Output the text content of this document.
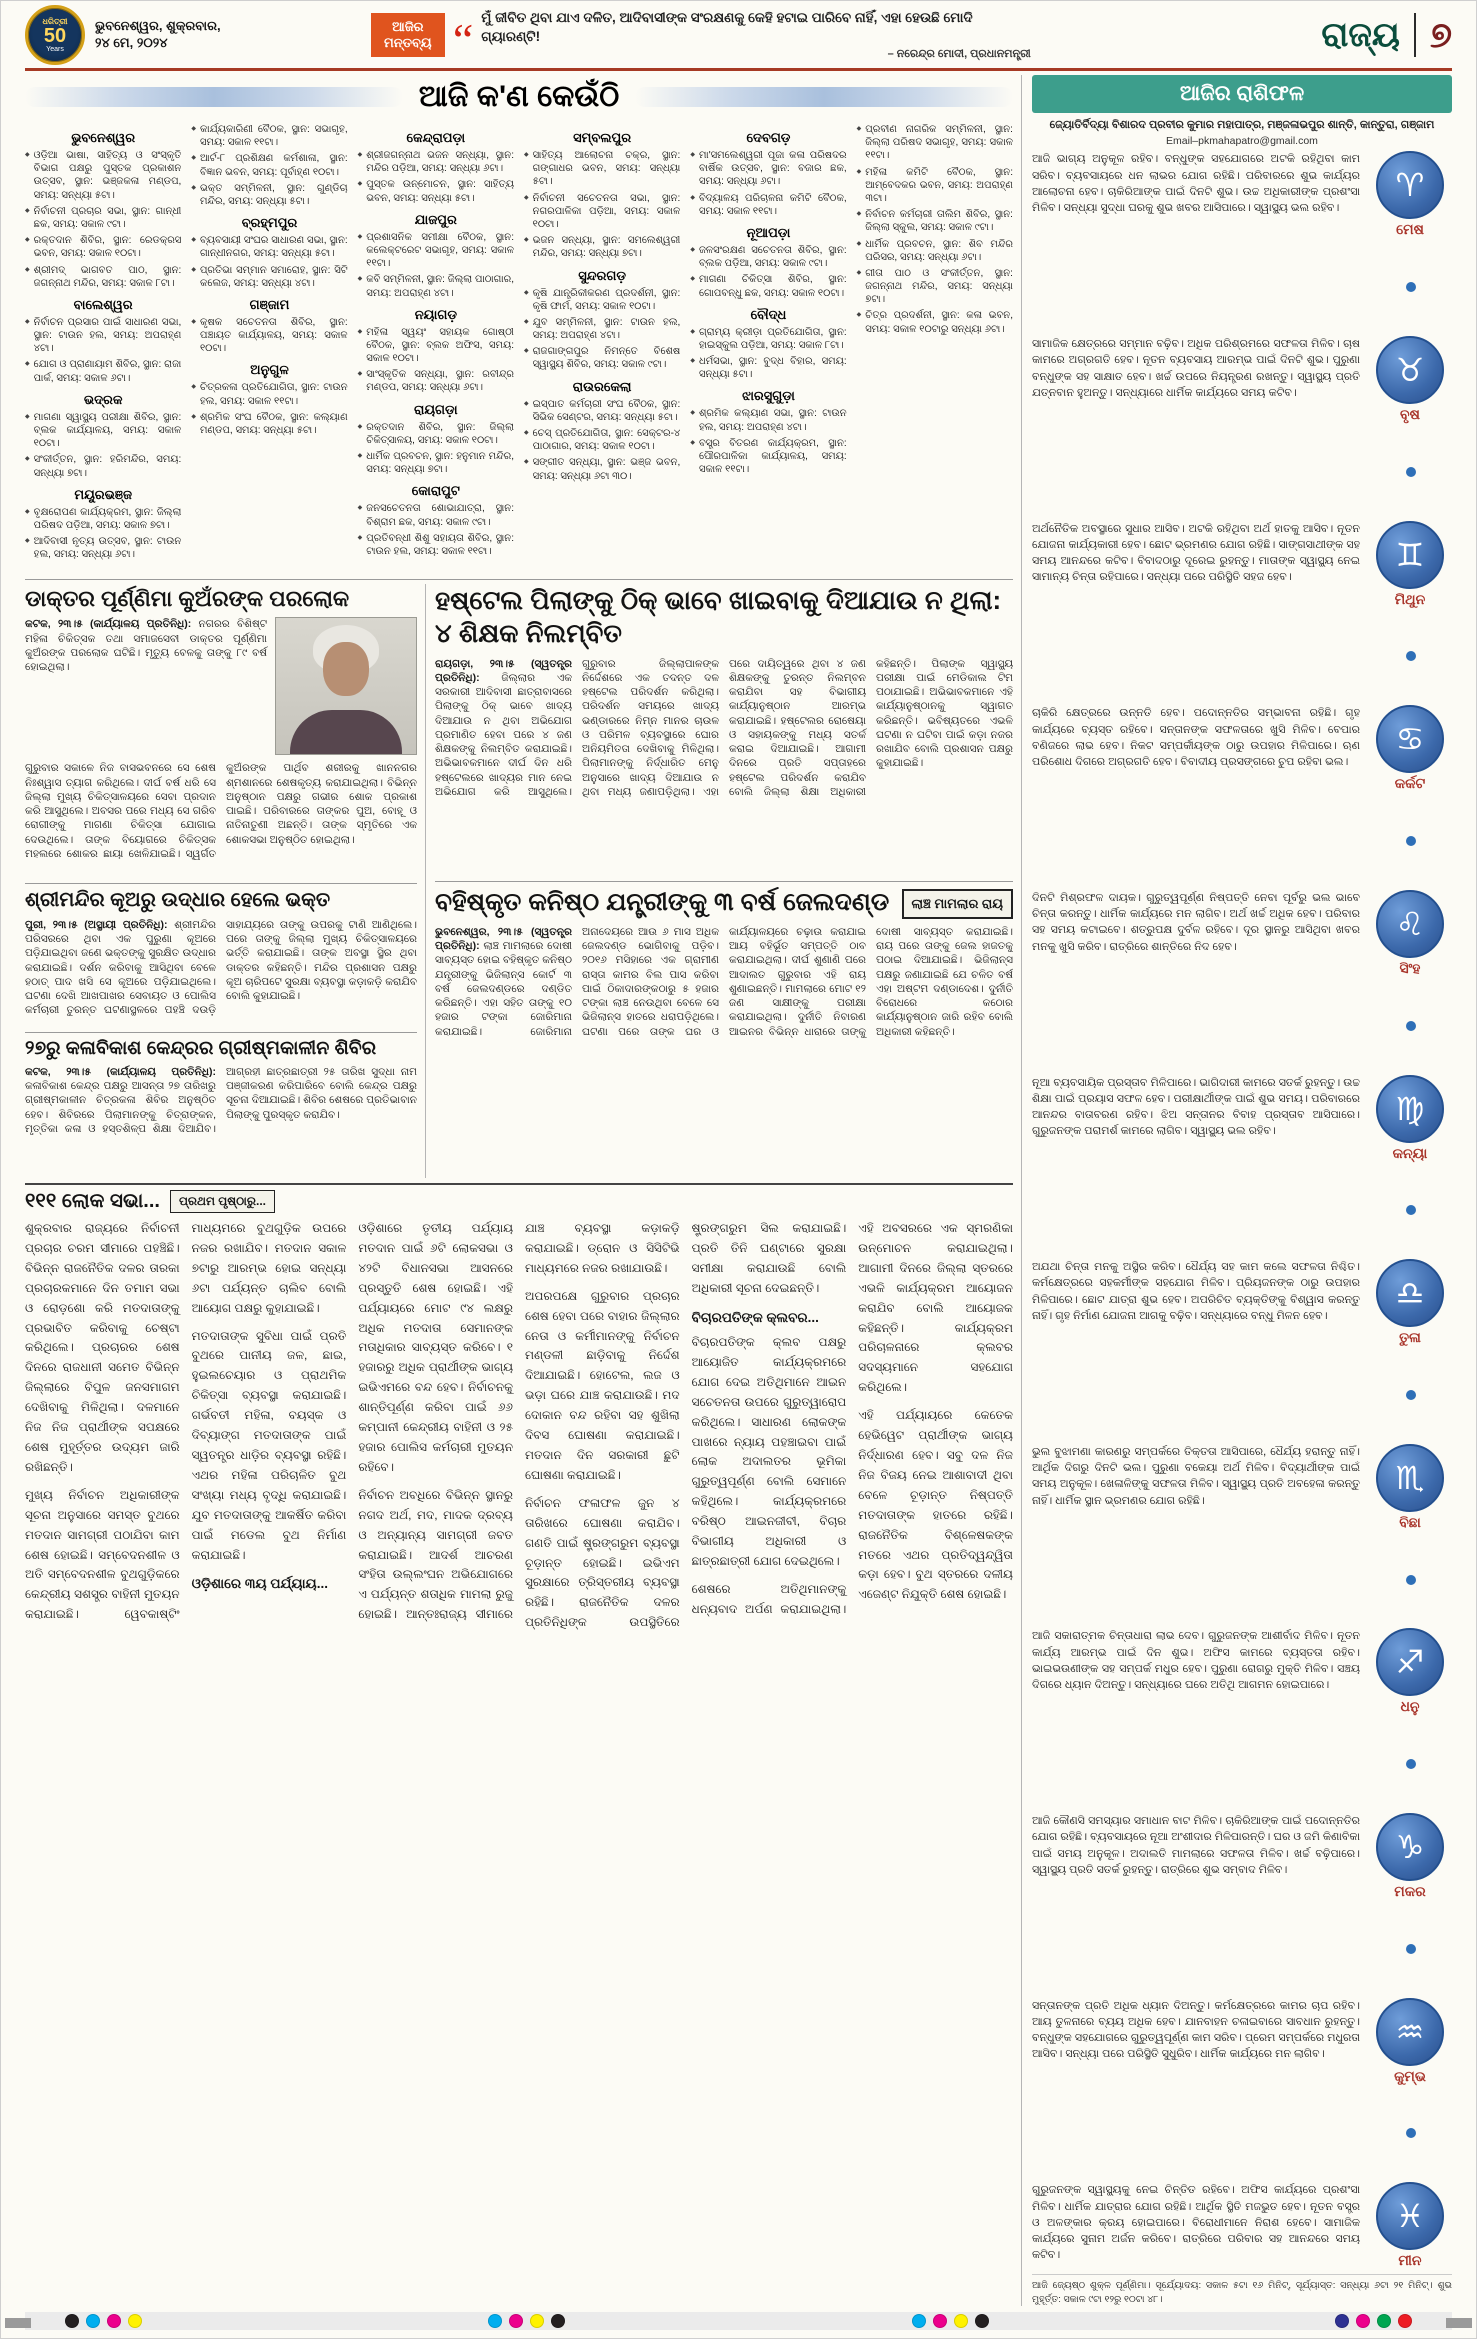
ଧରିତ୍ରୀ
50
Years
ଭୁବନେଶ୍ୱର, ଶୁକ୍ରବାର,
୨୪ ମେ, ୨୦୨୪
ଆଜିର ମନ୍ତବ୍ୟ “ ମୁଁ ଜୀବିତ ଥିବା ଯାଏ ଦଳିତ, ଆଦିବାସୀଙ୍କ ସଂରକ୍ଷଣକୁ କେହି ହଟାଇ ପାରିବେ ନାହିଁ, ଏହା ହେଉଛି ମୋଦି ଗ୍ୟାରଣ୍ଟି!
– ନରେନ୍ଦ୍ର ମୋଦୀ, ପ୍ରଧାନମନ୍ତ୍ରୀ
ରାଜ୍ୟ ୭
ଆଜି କ'ଣ କେଉଁଠି
ଭୁବନେଶ୍ୱର
◆ ଓଡ଼ିଆ ଭାଷା, ସାହିତ୍ୟ ଓ ସଂସ୍କୃତି ବିଭାଗ ପକ୍ଷରୁ ପୁସ୍ତକ ପ୍ରକାଶନ ଉତ୍ସବ, ସ୍ଥାନ: ଭଞ୍ଜକଳା ମଣ୍ଡପ, ସମୟ: ସନ୍ଧ୍ୟା ୫ଟା।
◆ ନିର୍ବାଚନୀ ପ୍ରଚାର ସଭା, ସ୍ଥାନ: ଗାନ୍ଧୀ ଛକ, ସମୟ: ସକାଳ ୯ଟା।
◆ ରକ୍ତଦାନ ଶିବିର, ସ୍ଥାନ: ରେଡକ୍ରସ ଭବନ, ସମୟ: ସକାଳ ୧୦ଟା।
◆ ଶ୍ରୀମଦ୍ ଭାଗବତ ପାଠ, ସ୍ଥାନ: ଜଗନ୍ନାଥ ମନ୍ଦିର, ସମୟ: ସକାଳ ୮ଟା।
ବାଲେଶ୍ୱର
◆ ନିର୍ବାଚନ ପ୍ରସାର ପାଇଁ ସାଧାରଣ ସଭା, ସ୍ଥାନ: ଟାଉନ ହଲ, ସମୟ: ଅପରାହ୍ଣ ୪ଟା।
◆ ଯୋଗ ଓ ପ୍ରାଣାୟାମ ଶିବିର, ସ୍ଥାନ: ରାଜା ପାର୍କ, ସମୟ: ସକାଳ ୬ଟା।
ଭଦ୍ରକ
◆ ମାଗଣା ସ୍ୱାସ୍ଥ୍ୟ ପରୀକ୍ଷା ଶିବିର, ସ୍ଥାନ: ବ୍ଲକ କାର୍ଯ୍ୟାଳୟ, ସମୟ: ସକାଳ ୧୦ଟା।
◆ ସଂକୀର୍ତ୍ତନ, ସ୍ଥାନ: ହରିମନ୍ଦିର, ସମୟ: ସନ୍ଧ୍ୟା ୭ଟା।
ମୟୂରଭଞ୍ଜ
◆ ବୃକ୍ଷରୋପଣ କାର୍ଯ୍ୟକ୍ରମ, ସ୍ଥାନ: ଜିଲ୍ଲା ପରିଷଦ ପଡ଼ିଆ, ସମୟ: ସକାଳ ୭ଟା।
◆ ଆଦିବାସୀ ନୃତ୍ୟ ଉତ୍ସବ, ସ୍ଥାନ: ଟାଉନ ହଲ, ସମୟ: ସନ୍ଧ୍ୟା ୬ଟା।
◆ କାର୍ଯ୍ୟକାରିଣୀ ବୈଠକ, ସ୍ଥାନ: ସଭାଗୃହ, ସମୟ: ସକାଳ ୧୧ଟା।
◆ ଆର୍ଟ-୮ ପ୍ରଶିକ୍ଷଣ କର୍ମଶାଳା, ସ୍ଥାନ: ବିଜ୍ଞାନ ଭବନ, ସମୟ: ପୂର୍ବାହ୍ଣ ୧୦ଟା।
◆ ଭକ୍ତ ସମ୍ମିଳନୀ, ସ୍ଥାନ: ଗୁଣ୍ଡିଚା ମନ୍ଦିର, ସମୟ: ସନ୍ଧ୍ୟା ୫ଟା।
ବ୍ରହ୍ମପୁର
◆ ବ୍ୟବସାୟୀ ସଂଘର ସାଧାରଣ ସଭା, ସ୍ଥାନ: ଗାନ୍ଧୀନଗର, ସମୟ: ସନ୍ଧ୍ୟା ୫ଟା।
◆ ପ୍ରତିଭା ସମ୍ମାନ ସମାରୋହ, ସ୍ଥାନ: ସିଟି କଲେଜ, ସମୟ: ସନ୍ଧ୍ୟା ୪ଟା।
ଗଞ୍ଜାମ
◆ କୃଷକ ସଚେତନତା ଶିବିର, ସ୍ଥାନ: ପଞ୍ଚାୟତ କାର୍ଯ୍ୟାଳୟ, ସମୟ: ସକାଳ ୧୦ଟା।
ଅନୁଗୁଳ
◆ ଚିତ୍ରକଳା ପ୍ରତିଯୋଗିତା, ସ୍ଥାନ: ଟାଉନ ହଲ, ସମୟ: ସକାଳ ୧୧ଟା।
◆ ଶ୍ରମିକ ସଂଘ ବୈଠକ, ସ୍ଥାନ: କଲ୍ୟାଣ ମଣ୍ଡପ, ସମୟ: ସନ୍ଧ୍ୟା ୫ଟା।
କେନ୍ଦ୍ରାପଡ଼ା
◆ ଶ୍ରୀଜଗନ୍ନାଥ ଭଜନ ସନ୍ଧ୍ୟା, ସ୍ଥାନ: ମନ୍ଦିର ପଡ଼ିଆ, ସମୟ: ସନ୍ଧ୍ୟା ୬ଟା।
◆ ପୁସ୍ତକ ଉନ୍ମୋଚନ, ସ୍ଥାନ: ସାହିତ୍ୟ ଭବନ, ସମୟ: ସନ୍ଧ୍ୟା ୫ଟା।
ଯାଜପୁର
◆ ପ୍ରଶାସନିକ ସମୀକ୍ଷା ବୈଠକ, ସ୍ଥାନ: କଲେକ୍ଟରେଟ ସଭାଗୃହ, ସମୟ: ସକାଳ ୧୧ଟା।
◆ କବି ସମ୍ମିଳନୀ, ସ୍ଥାନ: ଜିଲ୍ଲା ପାଠାଗାର, ସମୟ: ଅପରାହ୍ଣ ୪ଟା।
ନୟାଗଡ଼
◆ ମହିଳା ସ୍ୱୟଂ ସହାୟକ ଗୋଷ୍ଠୀ ବୈଠକ, ସ୍ଥାନ: ବ୍ଲକ ଅଫିସ, ସମୟ: ସକାଳ ୧୦ଟା।
◆ ସାଂସ୍କୃତିକ ସନ୍ଧ୍ୟା, ସ୍ଥାନ: ରବୀନ୍ଦ୍ର ମଣ୍ଡପ, ସମୟ: ସନ୍ଧ୍ୟା ୬ଟା।
ରାୟଗଡ଼ା
◆ ରକ୍ତଦାନ ଶିବିର, ସ୍ଥାନ: ଜିଲ୍ଲା ଚିକିତ୍ସାଳୟ, ସମୟ: ସକାଳ ୧୦ଟା।
◆ ଧାର୍ମିକ ପ୍ରବଚନ, ସ୍ଥାନ: ହନୁମାନ ମନ୍ଦିର, ସମୟ: ସନ୍ଧ୍ୟା ୭ଟା।
କୋରାପୁଟ
◆ ଜନସଚେତନତା ଶୋଭାଯାତ୍ରା, ସ୍ଥାନ: ବିଶ୍ରାମ ଛକ, ସମୟ: ସକାଳ ୯ଟା।
◆ ପ୍ରତିବନ୍ଧୀ ଶିଶୁ ସହାୟତା ଶିବିର, ସ୍ଥାନ: ଟାଉନ ହଲ, ସମୟ: ସକାଳ ୧୧ଟା।
ସମ୍ବଲପୁର
◆ ସାହିତ୍ୟ ଆଲୋଚନା ଚକ୍ର, ସ୍ଥାନ: ଗଙ୍ଗାଧର ଭବନ, ସମୟ: ସନ୍ଧ୍ୟା ୫ଟା।
◆ ନିର୍ବାଚନୀ ସଚେତନତା ସଭା, ସ୍ଥାନ: ନଗରପାଳିକା ପଡ଼ିଆ, ସମୟ: ସକାଳ ୧୦ଟା।
◆ ଭଜନ ସନ୍ଧ୍ୟା, ସ୍ଥାନ: ସମଲେଶ୍ୱରୀ ମନ୍ଦିର, ସମୟ: ସନ୍ଧ୍ୟା ୭ଟା।
ସୁନ୍ଦରଗଡ଼
◆ କୃଷି ଯାନ୍ତ୍ରିକୀକରଣ ପ୍ରଦର୍ଶନୀ, ସ୍ଥାନ: କୃଷି ଫାର୍ମ, ସମୟ: ସକାଳ ୧୦ଟା।
◆ ଯୁବ ସମ୍ମିଳନୀ, ସ୍ଥାନ: ଟାଉନ ହଲ, ସମୟ: ଅପରାହ୍ଣ ୪ଟା।
◆ ରାଜଗାଙ୍ଗପୁର ନିମନ୍ତେ ବିଶେଷ ସ୍ୱାସ୍ଥ୍ୟ ଶିବିର, ସମୟ: ସକାଳ ୯ଟା।
ରାଉରକେଲା
◆ ଇସ୍ପାତ କର୍ମଚାରୀ ସଂଘ ବୈଠକ, ସ୍ଥାନ: ସିଭିକ ସେଣ୍ଟର, ସମୟ: ସନ୍ଧ୍ୟା ୫ଟା।
◆ ଚେସ୍ ପ୍ରତିଯୋଗିତା, ସ୍ଥାନ: ସେକ୍ଟର-୪ ପାଠାଗାର, ସମୟ: ସକାଳ ୧୦ଟା।
◆ ସଙ୍ଗୀତ ସନ୍ଧ୍ୟା, ସ୍ଥାନ: ଭଞ୍ଜ ଭବନ, ସମୟ: ସନ୍ଧ୍ୟା ୬ଟା ୩୦।
ଦେବଗଡ଼
◆ ମା'ସମଲେଶ୍ୱରୀ ପୂଜା କଳା ପରିଷଦର ବାର୍ଷିକ ଉତ୍ସବ, ସ୍ଥାନ: ବଜାର ଛକ, ସମୟ: ସନ୍ଧ୍ୟା ୬ଟା।
◆ ବିଦ୍ୟାଳୟ ପରିଚାଳନା କମିଟି ବୈଠକ, ସମୟ: ସକାଳ ୧୧ଟା।
ନୂଆପଡ଼ା
◆ ଜଳସଂରକ୍ଷଣ ସଚେତନତା ଶିବିର, ସ୍ଥାନ: ବ୍ଲକ ପଡ଼ିଆ, ସମୟ: ସକାଳ ୯ଟା।
◆ ମାଗଣା ଚିକିତ୍ସା ଶିବିର, ସ୍ଥାନ: ଗୋପବନ୍ଧୁ ଛକ, ସମୟ: ସକାଳ ୧୦ଟା।
ବୌଦ୍ଧ
◆ ଗ୍ରାମ୍ୟ କ୍ରୀଡ଼ା ପ୍ରତିଯୋଗିତା, ସ୍ଥାନ: ହାଇସ୍କୁଲ ପଡ଼ିଆ, ସମୟ: ସକାଳ ୮ଟା।
◆ ଧର୍ମସଭା, ସ୍ଥାନ: ବୁଦ୍ଧ ବିହାର, ସମୟ: ସନ୍ଧ୍ୟା ୫ଟା।
ଝାରସୁଗୁଡ଼ା
◆ ଶ୍ରମିକ କଲ୍ୟାଣ ସଭା, ସ୍ଥାନ: ଟାଉନ ହଲ, ସମୟ: ଅପରାହ୍ଣ ୪ଟା।
◆ ବସ୍ତ୍ର ବିତରଣ କାର୍ଯ୍ୟକ୍ରମ, ସ୍ଥାନ: ପୌରପାଳିକା କାର୍ଯ୍ୟାଳୟ, ସମୟ: ସକାଳ ୧୧ଟା।
◆ ପ୍ରବୀଣ ନାଗରିକ ସମ୍ମିଳନୀ, ସ୍ଥାନ: ଜିଲ୍ଲା ପରିଷଦ ସଭାଗୃହ, ସମୟ: ସକାଳ ୧୧ଟା।
◆ ମହିଳା କମିଟି ବୈଠକ, ସ୍ଥାନ: ଆମ୍ବେଦକର ଭବନ, ସମୟ: ଅପରାହ୍ଣ ୩ଟା।
◆ ନିର୍ବାଚନ କର୍ମଚାରୀ ତାଲିମ ଶିବିର, ସ୍ଥାନ: ଜିଲ୍ଲା ସ୍କୁଲ, ସମୟ: ସକାଳ ୯ଟା।
◆ ଧାର୍ମିକ ପ୍ରବଚନ, ସ୍ଥାନ: ଶିବ ମନ୍ଦିର ପରିସର, ସମୟ: ସନ୍ଧ୍ୟା ୬ଟା।
◆ ଗୀତା ପାଠ ଓ ସଂକୀର୍ତ୍ତନ, ସ୍ଥାନ: ଜଗନ୍ନାଥ ମନ୍ଦିର, ସମୟ: ସନ୍ଧ୍ୟା ୭ଟା।
◆ ଚିତ୍ର ପ୍ରଦର୍ଶନୀ, ସ୍ଥାନ: କଳା ଭବନ, ସମୟ: ସକାଳ ୧୦ଟାରୁ ସନ୍ଧ୍ୟା ୬ଟା।
ଡାକ୍ତର ପୂର୍ଣ୍ଣିମା କୁଅଁରଙ୍କ ପରଲୋକ
କଟକ, ୨୩।୫ (କାର୍ଯ୍ୟାଳୟ ପ୍ରତିନିଧି): ନଗରର ବିଶିଷ୍ଟ ମହିଳା ଚିକିତ୍ସକ ତଥା ସମାଜସେବୀ ଡାକ୍ତର ପୂର୍ଣ୍ଣିମା କୁଅଁରଙ୍କ ପରଲୋକ ଘଟିଛି। ମୃତ୍ୟୁ ବେଳକୁ ତାଙ୍କୁ ୮୯ ବର୍ଷ ହୋଇଥିଲା।
ଗୁରୁବାର ସକାଳେ ନିଜ ବାସଭବନରେ ସେ ଶେଷ ନିଃଶ୍ୱାସ ତ୍ୟାଗ କରିଥିଲେ। ଦୀର୍ଘ ବର୍ଷ ଧରି ସେ ଜିଲ୍ଲା ମୁଖ୍ୟ ଚିକିତ୍ସାଳୟରେ ସେବା ପ୍ରଦାନ କରି ଆସୁଥିଲେ। ଅବସର ପରେ ମଧ୍ୟ ସେ ଗରିବ ରୋଗୀଙ୍କୁ ମାଗଣା ଚିକିତ୍ସା ଯୋଗାଇ ଦେଉଥିଲେ। ତାଙ୍କ ବିୟୋଗରେ ଚିକିତ୍ସକ ମହଲରେ ଶୋକର ଛାୟା ଖେଳିଯାଇଛି। ସ୍ୱର୍ଗତ କୁଅଁରଙ୍କ ପାର୍ଥିବ ଶରୀରକୁ ଖାନନଗର ଶ୍ମଶାନରେ ଶେଷକୃତ୍ୟ କରାଯାଇଥିଲା। ବିଭିନ୍ନ ଅନୁଷ୍ଠାନ ପକ୍ଷରୁ ଗଭୀର ଶୋକ ପ୍ରକାଶ ପାଇଛି। ପରିବାରରେ ତାଙ୍କର ପୁଅ, ବୋହୂ ଓ ନାତିନାତୁଣୀ ଅଛନ୍ତି। ତାଙ୍କ ସ୍ମୃତିରେ ଏକ ଶୋକସଭା ଅନୁଷ୍ଠିତ ହୋଇଥିଲା।
ଶ୍ରୀମନ୍ଦିର କୂଅରୁ ଉଦ୍ଧାର ହେଲେ ଭକ୍ତ
ପୁରୀ, ୨୩।୫ (ଅସ୍ଥାୟୀ ପ୍ରତିନିଧି): ଶ୍ରୀମନ୍ଦିର ପରିସରରେ ଥିବା ଏକ ପୁରୁଣା କୂଅରେ ପଡ଼ିଯାଇଥିବା ଜଣେ ଭକ୍ତଙ୍କୁ ସୁରକ୍ଷିତ ଉଦ୍ଧାର କରାଯାଇଛି। ଦର୍ଶନ କରିବାକୁ ଆସିଥିବା ବେଳେ ହଠାତ୍ ପାଦ ଖସି ସେ କୂଅରେ ପଡ଼ିଯାଇଥିଲେ। ଘଟଣା ଦେଖି ଆଖପାଖର ସେବାୟତ ଓ ପୋଲିସ କର୍ମଚାରୀ ତୁରନ୍ତ ଘଟଣାସ୍ଥଳରେ ପହଞ୍ଚି ଦଉଡ଼ି ସାହାଯ୍ୟରେ ତାଙ୍କୁ ଉପରକୁ ଟାଣି ଆଣିଥିଲେ। ପରେ ତାଙ୍କୁ ଜିଲ୍ଲା ମୁଖ୍ୟ ଚିକିତ୍ସାଳୟରେ ଭର୍ତ୍ତି କରାଯାଇଛି। ତାଙ୍କ ଅବସ୍ଥା ସ୍ଥିର ଥିବା ଡାକ୍ତର କହିଛନ୍ତି। ମନ୍ଦିର ପ୍ରଶାସନ ପକ୍ଷରୁ କୂଅ ଚାରିପଟେ ସୁରକ୍ଷା ବ୍ୟବସ୍ଥା କଡ଼ାକଡ଼ି କରାଯିବ ବୋଲି କୁହାଯାଇଛି।
୨୭ରୁ କଳାବିକାଶ କେନ୍ଦ୍ରର ଗ୍ରୀଷ୍ମକାଳୀନ ଶିବିର
କଟକ, ୨୩।୫ (କାର୍ଯ୍ୟାଳୟ ପ୍ରତିନିଧି): କଳାବିକାଶ କେନ୍ଦ୍ର ପକ୍ଷରୁ ଆସନ୍ତା ୨୭ ତାରିଖରୁ ଗ୍ରୀଷ୍ମକାଳୀନ ଚିତ୍ରକଳା ଶିବିର ଅନୁଷ୍ଠିତ ହେବ। ଶିବିରରେ ପିଲାମାନଙ୍କୁ ଚିତ୍ରାଙ୍କନ, ମୃତ୍ତିକା କଳା ଓ ହସ୍ତଶିଳ୍ପ ଶିକ୍ଷା ଦିଆଯିବ। ଆଗ୍ରହୀ ଛାତ୍ରଛାତ୍ରୀ ୨୫ ତାରିଖ ସୁଦ୍ଧା ନାମ ପଞ୍ଜୀକରଣ କରିପାରିବେ ବୋଲି କେନ୍ଦ୍ର ପକ୍ଷରୁ ସୂଚନା ଦିଆଯାଇଛି। ଶିବିର ଶେଷରେ ପ୍ରତିଭାବାନ ପିଲାଙ୍କୁ ପୁରସ୍କୃତ କରାଯିବ।
ହଷ୍ଟେଲ ପିଲାଙ୍କୁ ଠିକ୍ ଭାବେ ଖାଇବାକୁ ଦିଆଯାଉ ନ ଥିଲା: ୪ ଶିକ୍ଷକ ନିଲମ୍ବିତ
ରାୟଗଡ଼ା, ୨୩।୫ (ସ୍ୱତନ୍ତ୍ର ପ୍ରତିନିଧି): ଜିଲ୍ଲାର ଏକ ସରକାରୀ ଆଦିବାସୀ ଛାତ୍ରାବାସରେ ପିଲାଙ୍କୁ ଠିକ୍ ଭାବେ ଖାଦ୍ୟ ଦିଆଯାଉ ନ ଥିବା ଅଭିଯୋଗ ପ୍ରମାଣିତ ହେବା ପରେ ୪ ଜଣ ଶିକ୍ଷକଙ୍କୁ ନିଲମ୍ବିତ କରାଯାଇଛି। ଅଭିଭାବକମାନେ ଦୀର୍ଘ ଦିନ ଧରି ହଷ୍ଟେଲରେ ଖାଦ୍ୟର ମାନ ନେଇ ଅଭିଯୋଗ କରି ଆସୁଥିଲେ। ଗୁରୁବାର ଜିଲ୍ଲାପାଳଙ୍କ ନିର୍ଦ୍ଦେଶରେ ଏକ ତଦନ୍ତ ଦଳ ହଷ୍ଟେଲ ପରିଦର୍ଶନ କରିଥିଲା। ପରିଦର୍ଶନ ସମୟରେ ଖାଦ୍ୟ ଭଣ୍ଡାରରେ ନିମ୍ନ ମାନର ଚାଉଳ ଓ ପରିମଳ ବ୍ୟବସ୍ଥାରେ ଘୋର ଅନିୟମିତତା ଦେଖିବାକୁ ମିଳିଥିଲା। ପିଲାମାନଙ୍କୁ ନିର୍ଦ୍ଧାରିତ ମେନୁ ଅନୁସାରେ ଖାଦ୍ୟ ଦିଆଯାଉ ନ ଥିବା ମଧ୍ୟ ଜଣାପଡ଼ିଥିଲା। ଏହା ପରେ ଦାୟିତ୍ୱରେ ଥିବା ୪ ଜଣ ଶିକ୍ଷକଙ୍କୁ ତୁରନ୍ତ ନିଲମ୍ବନ କରାଯିବା ସହ ବିଭାଗୀୟ କାର୍ଯ୍ୟାନୁଷ୍ଠାନ ଆରମ୍ଭ କରାଯାଇଛି। ହଷ୍ଟେଲର ରୋଷେୟା ଓ ସହାୟକଙ୍କୁ ମଧ୍ୟ ସତର୍କ କରାଇ ଦିଆଯାଇଛି। ଆଗାମୀ ଦିନରେ ପ୍ରତି ସପ୍ତାହରେ ହଷ୍ଟେଲ ପରିଦର୍ଶନ କରାଯିବ ବୋଲି ଜିଲ୍ଲା ଶିକ୍ଷା ଅଧିକାରୀ କହିଛନ୍ତି। ପିଲାଙ୍କ ସ୍ୱାସ୍ଥ୍ୟ ପରୀକ୍ଷା ପାଇଁ ମେଡିକାଲ ଟିମ ପଠାଯାଇଛି। ଅଭିଭାବକମାନେ ଏହି କାର୍ଯ୍ୟାନୁଷ୍ଠାନକୁ ସ୍ୱାଗତ କରିଛନ୍ତି। ଭବିଷ୍ୟତରେ ଏଭଳି ଘଟଣା ନ ଘଟିବା ପାଇଁ କଡ଼ା ନଜର ରଖାଯିବ ବୋଲି ପ୍ରଶାସନ ପକ୍ଷରୁ କୁହାଯାଇଛି।
ବହିଷ୍କୃତ କନିଷ୍ଠ ଯନ୍ତ୍ରୀଙ୍କୁ ୩ ବର୍ଷ ଜେଲଦଣ୍ଡ	ଲାଞ୍ଚ ମାମଲାର ରାୟ
ଭୁବନେଶ୍ୱର, ୨୩।୫ (ସ୍ୱତନ୍ତ୍ର ପ୍ରତିନିଧି): ଲାଞ୍ଚ ମାମଲାରେ ଦୋଷୀ ସାବ୍ୟସ୍ତ ହୋଇ ବହିଷ୍କୃତ କନିଷ୍ଠ ଯନ୍ତ୍ରୀଙ୍କୁ ଭିଜିଲାନ୍ସ କୋର୍ଟ ୩ ବର୍ଷ ଜେଲଦଣ୍ଡରେ ଦଣ୍ଡିତ କରିଛନ୍ତି। ଏହା ସହିତ ତାଙ୍କୁ ୧୦ ହଜାର ଟଙ୍କା ଜୋରିମାନା କରାଯାଇଛି। ଜୋରିମାନା ଅନାଦେୟରେ ଆଉ ୬ ମାସ ଅଧିକ ଜେଲଦଣ୍ଡ ଭୋଗିବାକୁ ପଡ଼ିବ। ୨୦୧୬ ମସିହାରେ ଏକ ଗ୍ରାମୀଣ ରାସ୍ତା କାମର ବିଲ ପାସ କରିବା ପାଇଁ ଠିକାଦାରଙ୍କଠାରୁ ୫ ହଜାର ଟଙ୍କା ଲାଞ୍ଚ ନେଉଥିବା ବେଳେ ସେ ଭିଜିଲାନ୍ସ ହାତରେ ଧରାପଡ଼ିଥିଲେ। ଘଟଣା ପରେ ତାଙ୍କ ଘର ଓ କାର୍ଯ୍ୟାଳୟରେ ଚଢ଼ାଉ କରାଯାଇ ଆୟ ବହିର୍ଭୂତ ସମ୍ପତ୍ତି ଠାବ କରାଯାଇଥିଲା। ଦୀର୍ଘ ଶୁଣାଣି ପରେ ଆଦାଲତ ଗୁରୁବାର ଏହି ରାୟ ଶୁଣାଇଛନ୍ତି। ମାମଲାରେ ମୋଟ ୧୨ ଜଣ ସାକ୍ଷୀଙ୍କୁ ପରୀକ୍ଷା କରାଯାଇଥିଲା। ଦୁର୍ନୀତି ନିବାରଣ ଆଇନର ବିଭିନ୍ନ ଧାରାରେ ତାଙ୍କୁ ଦୋଷୀ ସାବ୍ୟସ୍ତ କରାଯାଇଛି। ରାୟ ପରେ ତାଙ୍କୁ ଜେଲ ହାଜତକୁ ପଠାଇ ଦିଆଯାଇଛି। ଭିଜିଲାନ୍ସ ପକ୍ଷରୁ ଜଣାଯାଇଛି ଯେ ଚଳିତ ବର୍ଷ ଏହା ଅଷ୍ଟମ ଦଣ୍ଡାଦେଶ। ଦୁର୍ନୀତି ବିରୋଧରେ କଠୋର କାର୍ଯ୍ୟାନୁଷ୍ଠାନ ଜାରି ରହିବ ବୋଲି ଅଧିକାରୀ କହିଛନ୍ତି।
୧୧୧ ଲୋକ ସଭା...	ପ୍ରଥମ ପୃଷ୍ଠାରୁ...

ଶୁକ୍ରବାର ରାଜ୍ୟରେ ନିର୍ବାଚନୀ ପ୍ରଚାର ଚରମ ସୀମାରେ ପହଞ୍ଚିଛି। ବିଭିନ୍ନ ରାଜନୈତିକ ଦଳର ତାରକା ପ୍ରଚାରକମାନେ ଦିନ ତମାମ ସଭା ଓ ରୋଡ଼ଶୋ କରି ମତଦାତାଙ୍କୁ ପ୍ରଭାବିତ କରିବାକୁ ଚେଷ୍ଟା କରିଥିଲେ। ପ୍ରଚାରର ଶେଷ ଦିନରେ ରାଜଧାନୀ ସମେତ ବିଭିନ୍ନ ଜିଲ୍ଲାରେ ବିପୁଳ ଜନସମାଗମ ଦେଖିବାକୁ ମିଳିଥିଲା। ଦଳମାନେ ନିଜ ନିଜ ପ୍ରାର୍ଥୀଙ୍କ ସପକ୍ଷରେ ଶେଷ ମୁହୂର୍ତ୍ତର ଉଦ୍ୟମ ଜାରି ରଖିଛନ୍ତି।

ମୁଖ୍ୟ ନିର୍ବାଚନ ଅଧିକାରୀଙ୍କ ସୂଚନା ଅନୁସାରେ ସମସ୍ତ ବୁଥରେ ମତଦାନ ସାମଗ୍ରୀ ପଠାଯିବା କାମ ଶେଷ ହୋଇଛି। ସମ୍ବେଦନଶୀଳ ଓ ଅତି ସମ୍ବେଦନଶୀଳ ବୁଥଗୁଡ଼ିକରେ କେନ୍ଦ୍ରୀୟ ସଶସ୍ତ୍ର ବାହିନୀ ମୁତୟନ କରାଯାଇଛି। ୱେବକାଷ୍ଟିଂ ମାଧ୍ୟମରେ ବୁଥଗୁଡ଼ିକ ଉପରେ ନଜର ରଖାଯିବ। ମତଦାନ ସକାଳ ୭ଟାରୁ ଆରମ୍ଭ ହୋଇ ସନ୍ଧ୍ୟା ୬ଟା ପର୍ଯ୍ୟନ୍ତ ଚାଲିବ ବୋଲି ଆୟୋଗ ପକ୍ଷରୁ କୁହାଯାଇଛି।

ମତଦାତାଙ୍କ ସୁବିଧା ପାଇଁ ପ୍ରତି ବୁଥରେ ପାନୀୟ ଜଳ, ଛାଇ, ହୁଇଲଚେୟାର ଓ ପ୍ରାଥମିକ ଚିକିତ୍ସା ବ୍ୟବସ୍ଥା କରାଯାଇଛି। ଗର୍ଭବତୀ ମହିଳା, ବୟସ୍କ ଓ ଦିବ୍ୟାଙ୍ଗ ମତଦାତାଙ୍କ ପାଇଁ ସ୍ୱତନ୍ତ୍ର ଧାଡ଼ିର ବ୍ୟବସ୍ଥା ରହିଛି। ଏଥର ମହିଳା ପରିଚାଳିତ ବୁଥ ସଂଖ୍ୟା ମଧ୍ୟ ବୃଦ୍ଧି କରାଯାଇଛି। ଯୁବ ମତଦାତାଙ୍କୁ ଆକର୍ଷିତ କରିବା ପାଇଁ ମଡେଲ ବୁଥ ନିର୍ମାଣ କରାଯାଇଛି।

ଓଡ଼ିଶାରେ ୩ୟ ପର୍ଯ୍ୟାୟ...

ଓଡ଼ିଶାରେ ତୃତୀୟ ପର୍ଯ୍ୟାୟ ମତଦାନ ପାଇଁ ୬ଟି ଲୋକସଭା ଓ ୪୨ଟି ବିଧାନସଭା ଆସନରେ ପ୍ରସ୍ତୁତି ଶେଷ ହୋଇଛି। ଏହି ପର୍ଯ୍ୟାୟରେ ମୋଟ ୯୪ ଲକ୍ଷରୁ ଅଧିକ ମତଦାତା ସେମାନଙ୍କ ମତାଧିକାର ସାବ୍ୟସ୍ତ କରିବେ। ୧ ହଜାରରୁ ଅଧିକ ପ୍ରାର୍ଥୀଙ୍କ ଭାଗ୍ୟ ଇଭିଏମରେ ବନ୍ଦ ହେବ। ନିର୍ବାଚନକୁ ଶାନ୍ତିପୂର୍ଣ୍ଣ କରିବା ପାଇଁ ୬୬ କମ୍ପାନୀ କେନ୍ଦ୍ରୀୟ ବାହିନୀ ଓ ୨୫ ହଜାର ପୋଲିସ କର୍ମଚାରୀ ମୁତୟନ ରହିବେ।

ନିର୍ବାଚନ ଅବଧିରେ ବିଭିନ୍ନ ସ୍ଥାନରୁ ନଗଦ ଅର୍ଥ, ମଦ, ମାଦକ ଦ୍ରବ୍ୟ ଓ ଅନ୍ୟାନ୍ୟ ସାମଗ୍ରୀ ଜବତ କରାଯାଇଛି। ଆଦର୍ଶ ଆଚରଣ ସଂହିତା ଉଲ୍ଲଂଘନ ଅଭିଯୋଗରେ ଏ ପର୍ଯ୍ୟନ୍ତ ଶତାଧିକ ମାମଲା ରୁଜୁ ହୋଇଛି। ଆନ୍ତଃରାଜ୍ୟ ସୀମାରେ ଯାଞ୍ଚ ବ୍ୟବସ୍ଥା କଡ଼ାକଡ଼ି କରାଯାଇଛି। ଡ୍ରୋନ ଓ ସିସିଟିଭି ମାଧ୍ୟମରେ ନଜର ରଖାଯାଉଛି।

ଅପରପକ୍ଷେ ଗୁରୁବାର ପ୍ରଚାର ଶେଷ ହେବା ପରେ ବାହାର ଜିଲ୍ଲାର ନେତା ଓ କର୍ମୀମାନଙ୍କୁ ନିର୍ବାଚନ ମଣ୍ଡଳୀ ଛାଡ଼ିବାକୁ ନିର୍ଦ୍ଦେଶ ଦିଆଯାଇଛି। ହୋଟେଲ, ଲଜ ଓ ଭଡ଼ା ଘରେ ଯାଞ୍ଚ କରାଯାଉଛି। ମଦ ଦୋକାନ ବନ୍ଦ ରହିବା ସହ ଶୁଖିଲା ଦିବସ ଘୋଷଣା କରାଯାଇଛି। ମତଦାନ ଦିନ ସରକାରୀ ଛୁଟି ଘୋଷଣା କରାଯାଇଛି।

ନିର୍ବାଚନ ଫଳାଫଳ ଜୁନ ୪ ତାରିଖରେ ଘୋଷଣା କରାଯିବ। ଗଣତି ପାଇଁ ଷ୍ଟ୍ରଙ୍ଗରୁମ ବ୍ୟବସ୍ଥା ଚୂଡ଼ାନ୍ତ ହୋଇଛି। ଇଭିଏମ ସୁରକ୍ଷାରେ ତ୍ରିସ୍ତରୀୟ ବ୍ୟବସ୍ଥା ରହିଛି। ରାଜନୈତିକ ଦଳର ପ୍ରତିନିଧିଙ୍କ ଉପସ୍ଥିତିରେ ଷ୍ଟ୍ରଙ୍ଗରୁମ ସିଲ କରାଯାଇଛି। ପ୍ରତି ତିନି ଘଣ୍ଟାରେ ସୁରକ୍ଷା ସମୀକ୍ଷା କରାଯାଉଛି ବୋଲି ଅଧିକାରୀ ସୂଚନା ଦେଇଛନ୍ତି।

ବିଚାରପତିଙ୍କ କ୍ଲବର...

ବିଚାରପତିଙ୍କ କ୍ଲବ ପକ୍ଷରୁ ଆୟୋଜିତ କାର୍ଯ୍ୟକ୍ରମରେ ଯୋଗ ଦେଇ ଅତିଥିମାନେ ଆଇନ ସଚେତନତା ଉପରେ ଗୁରୁତ୍ୱାରୋପ କରିଥିଲେ। ସାଧାରଣ ଲୋକଙ୍କ ପାଖରେ ନ୍ୟାୟ ପହଞ୍ଚାଇବା ପାଇଁ ଲୋକ ଅଦାଲତର ଭୂମିକା ଗୁରୁତ୍ୱପୂର୍ଣ୍ଣ ବୋଲି ସେମାନେ କହିଥିଲେ। କାର୍ଯ୍ୟକ୍ରମରେ ବରିଷ୍ଠ ଆଇନଜୀବୀ, ବିଚାର ବିଭାଗୀୟ ଅଧିକାରୀ ଓ ଛାତ୍ରଛାତ୍ରୀ ଯୋଗ ଦେଇଥିଲେ।

ଶେଷରେ ଅତିଥିମାନଙ୍କୁ ଧନ୍ୟବାଦ ଅର୍ପଣ କରାଯାଇଥିଲା। ଏହି ଅବସରରେ ଏକ ସ୍ମରଣିକା ଉନ୍ମୋଚନ କରାଯାଇଥିଲା। ଆଗାମୀ ଦିନରେ ଜିଲ୍ଲା ସ୍ତରରେ ଏଭଳି କାର୍ଯ୍ୟକ୍ରମ ଆୟୋଜନ କରାଯିବ ବୋଲି ଆୟୋଜକ କହିଛନ୍ତି। କାର୍ଯ୍ୟକ୍ରମ ପରିଚାଳନାରେ କ୍ଲବର ସଦସ୍ୟମାନେ ସହଯୋଗ କରିଥିଲେ।

ଏହି ପର୍ଯ୍ୟାୟରେ କେତେକ ହେଭିୱେଟ ପ୍ରାର୍ଥୀଙ୍କ ଭାଗ୍ୟ ନିର୍ଦ୍ଧାରଣ ହେବ। ସବୁ ଦଳ ନିଜ ନିଜ ବିଜୟ ନେଇ ଆଶାବାଦୀ ଥିବା ବେଳେ ଚୂଡ଼ାନ୍ତ ନିଷ୍ପତ୍ତି ମତଦାତାଙ୍କ ହାତରେ ରହିଛି। ରାଜନୈତିକ ବିଶ୍ଳେଷକଙ୍କ ମତରେ ଏଥର ପ୍ରତିଦ୍ୱନ୍ଦ୍ୱିତା କଡ଼ା ହେବ। ବୁଥ ସ୍ତରରେ ଦଳୀୟ ଏଜେଣ୍ଟ ନିଯୁକ୍ତି ଶେଷ ହୋଇଛି।

ଆଜିର ରାଶିଫଳ
ଜ୍ୟୋତିର୍ବିଦ୍ୟା ବିଶାରଦ ପ୍ରବୀର କୁମାର ମହାପାତ୍ର, ମଞ୍ଜଳାଭପୁର ଶାନ୍ତି, କାନ୍ତୁରା, ଗଞ୍ଜାମ
Email–pkmahapatro@gmail.com
ଆଜି ଭାଗ୍ୟ ଅନୁକୂଳ ରହିବ। ବନ୍ଧୁଙ୍କ ସହଯୋଗରେ ଅଟକି ରହିଥିବା କାମ ସରିବ। ବ୍ୟବସାୟରେ ଧନ ଲାଭର ଯୋଗ ରହିଛି। ପରିବାରରେ ଶୁଭ କାର୍ଯ୍ୟର ଆଲୋଚନା ହେବ। ଚାକିରିଆଙ୍କ ପାଇଁ ଦିନଟି ଶୁଭ। ଉଚ୍ଚ ଅଧିକାରୀଙ୍କ ପ୍ରଶଂସା ମିଳିବ। ସନ୍ଧ୍ୟା ସୁଦ୍ଧା ଘରକୁ ଶୁଭ ଖବର ଆସିପାରେ। ସ୍ୱାସ୍ଥ୍ୟ ଭଲ ରହିବ।
♈
ମେଷ
ସାମାଜିକ କ୍ଷେତ୍ରରେ ସମ୍ମାନ ବଢ଼ିବ। ଅଧିକ ପରିଶ୍ରମରେ ସଫଳତା ମିଳିବ। ଚାଷ କାମରେ ଅଗ୍ରଗତି ହେବ। ନୂତନ ବ୍ୟବସାୟ ଆରମ୍ଭ ପାଇଁ ଦିନଟି ଶୁଭ। ପୁରୁଣା ବନ୍ଧୁଙ୍କ ସହ ସାକ୍ଷାତ ହେବ। ଖର୍ଚ୍ଚ ଉପରେ ନିୟନ୍ତ୍ରଣ ରଖନ୍ତୁ। ସ୍ୱାସ୍ଥ୍ୟ ପ୍ରତି ଯତ୍ନବାନ ହୁଅନ୍ତୁ। ସନ୍ଧ୍ୟାରେ ଧାର୍ମିକ କାର୍ଯ୍ୟରେ ସମୟ କଟିବ।
♉
ବୃଷ
ଅର୍ଥନୈତିକ ଅବସ୍ଥାରେ ସୁଧାର ଆସିବ। ଅଟକି ରହିଥିବା ଅର୍ଥ ହାତକୁ ଆସିବ। ନୂତନ ଯୋଜନା କାର୍ଯ୍ୟକାରୀ ହେବ। ଛୋଟ ଭ୍ରମଣର ଯୋଗ ରହିଛି। ସାଙ୍ଗସାଥୀଙ୍କ ସହ ସମୟ ଆନନ୍ଦରେ କଟିବ। ବିବାଦଠାରୁ ଦୂରେଇ ରୁହନ୍ତୁ। ମାତାଙ୍କ ସ୍ୱାସ୍ଥ୍ୟ ନେଇ ସାମାନ୍ୟ ଚିନ୍ତା ରହିପାରେ। ସନ୍ଧ୍ୟା ପରେ ପରିସ୍ଥିତି ସହଜ ହେବ।
♊
ମିଥୁନ
ଚାକିରି କ୍ଷେତ୍ରରେ ଉନ୍ନତି ହେବ। ପଦୋନ୍ନତିର ସମ୍ଭାବନା ରହିଛି। ଗୃହ କାର୍ଯ୍ୟରେ ବ୍ୟସ୍ତ ରହିବେ। ସନ୍ତାନଙ୍କ ସଫଳତାରେ ଖୁସି ମିଳିବ। ବେପାର ବଣିଜରେ ଲାଭ ହେବ। ନିକଟ ସମ୍ପର୍କୀୟଙ୍କ ଠାରୁ ଉପହାର ମିଳିପାରେ। ଋଣ ପରିଶୋଧ ଦିଗରେ ଅଗ୍ରଗତି ହେବ। ବିବାଦୀୟ ପ୍ରସଙ୍ଗରେ ଚୁପ ରହିବା ଭଲ।
♋
କର୍କଟ
ଦିନଟି ମିଶ୍ରଫଳ ଦାୟକ। ଗୁରୁତ୍ୱପୂର୍ଣ୍ଣ ନିଷ୍ପତ୍ତି ନେବା ପୂର୍ବରୁ ଭଲ ଭାବେ ଚିନ୍ତା କରନ୍ତୁ। ଧାର୍ମିକ କାର୍ଯ୍ୟରେ ମନ ଲାଗିବ। ଅର୍ଥ ଖର୍ଚ୍ଚ ଅଧିକ ହେବ। ପରିବାର ସହ ସମୟ କଟାଇବେ। ଶତ୍ରୁପକ୍ଷ ଦୁର୍ବଳ ରହିବେ। ଦୂର ସ୍ଥାନରୁ ଆସିଥିବା ଖବର ମନକୁ ଖୁସି କରିବ। ରାତ୍ରିରେ ଶାନ୍ତିରେ ନିଦ ହେବ।
♌
ସିଂହ
ନୂଆ ବ୍ୟବସାୟିକ ପ୍ରସ୍ତାବ ମିଳିପାରେ। ଭାଗିଦାରୀ କାମରେ ସତର୍କ ରୁହନ୍ତୁ। ଉଚ୍ଚ ଶିକ୍ଷା ପାଇଁ ପ୍ରୟାସ ସଫଳ ହେବ। ପରୀକ୍ଷାର୍ଥୀଙ୍କ ପାଇଁ ଶୁଭ ସମୟ। ପରିବାରରେ ଆନନ୍ଦର ବାତାବରଣ ରହିବ। ଝିଅ ସନ୍ତାନର ବିବାହ ପ୍ରସ୍ତାବ ଆସିପାରେ। ଗୁରୁଜନଙ୍କ ପରାମର୍ଶ କାମରେ ଲାଗିବ। ସ୍ୱାସ୍ଥ୍ୟ ଭଲ ରହିବ।
♍
କନ୍ୟା
ଅଯଥା ଚିନ୍ତା ମନକୁ ଅସ୍ଥିର କରିବ। ଧୈର୍ଯ୍ୟ ସହ କାମ କଲେ ସଫଳତା ନିଶ୍ଚିତ। କର୍ମକ୍ଷେତ୍ରରେ ସହକର୍ମୀଙ୍କ ସହଯୋଗ ମିଳିବ। ପ୍ରିୟଜନଙ୍କ ଠାରୁ ଉପହାର ମିଳିପାରେ। ଛୋଟ ଯାତ୍ରା ଶୁଭ ହେବ। ଅପରିଚିତ ବ୍ୟକ୍ତିଙ୍କୁ ବିଶ୍ୱାସ କରନ୍ତୁ ନାହିଁ। ଗୃହ ନିର୍ମାଣ ଯୋଜନା ଆଗକୁ ବଢ଼ିବ। ସନ୍ଧ୍ୟାରେ ବନ୍ଧୁ ମିଳନ ହେବ।
♎
ତୁଳା
ଭୁଲ ବୁଝାମଣା କାରଣରୁ ସମ୍ପର୍କରେ ତିକ୍ତତା ଆସିପାରେ, ଧୈର୍ଯ୍ୟ ହରାନ୍ତୁ ନାହିଁ। ଆର୍ଥିକ ଦିଗରୁ ଦିନଟି ଭଲ। ପୁରୁଣା ବକେୟା ଅର୍ଥ ମିଳିବ। ବିଦ୍ୟାର୍ଥୀଙ୍କ ପାଇଁ ସମୟ ଅନୁକୂଳ। ଖେଳାଳିଙ୍କୁ ସଫଳତା ମିଳିବ। ସ୍ୱାସ୍ଥ୍ୟ ପ୍ରତି ଅବହେଳା କରନ୍ତୁ ନାହିଁ। ଧାର୍ମିକ ସ୍ଥାନ ଭ୍ରମଣର ଯୋଗ ରହିଛି।
♏
ବିଛା
ଆଜି ସକାରାତ୍ମକ ଚିନ୍ତାଧାରା ଲାଭ ଦେବ। ଗୁରୁଜନଙ୍କ ଆଶୀର୍ବାଦ ମିଳିବ। ନୂତନ କାର୍ଯ୍ୟ ଆରମ୍ଭ ପାଇଁ ଦିନ ଶୁଭ। ଅଫିସ କାମରେ ବ୍ୟସ୍ତତା ରହିବ। ଭାଇଭଉଣୀଙ୍କ ସହ ସମ୍ପର୍କ ମଧୁର ହେବ। ପୁରୁଣା ରୋଗରୁ ମୁକ୍ତି ମିଳିବ। ସଞ୍ଚୟ ଦିଗରେ ଧ୍ୟାନ ଦିଅନ୍ତୁ। ସନ୍ଧ୍ୟାରେ ଘରେ ଅତିଥି ଆଗମନ ହୋଇପାରେ।
♐
ଧନୁ
ଆଜି କୌଣସି ସମସ୍ୟାର ସମାଧାନ ବାଟ ମିଳିବ। ଚାକିରିଆଙ୍କ ପାଇଁ ପଦୋନ୍ନତିର ଯୋଗ ରହିଛି। ବ୍ୟବସାୟରେ ନୂଆ ଅଂଶୀଦାର ମିଳିପାରନ୍ତି। ଘର ଓ ଜମି କିଣାବିକା ପାଇଁ ସମୟ ଅନୁକୂଳ। ଅଦାଲତି ମାମଲାରେ ସଫଳତା ମିଳିବ। ଖର୍ଚ୍ଚ ବଢ଼ିପାରେ। ସ୍ୱାସ୍ଥ୍ୟ ପ୍ରତି ସତର୍କ ରୁହନ୍ତୁ। ରାତ୍ରିରେ ଶୁଭ ସମ୍ବାଦ ମିଳିବ।
♑
ମକର
ସନ୍ତାନଙ୍କ ପ୍ରତି ଅଧିକ ଧ୍ୟାନ ଦିଅନ୍ତୁ। କର୍ମକ୍ଷେତ୍ରରେ କାମର ଚାପ ରହିବ। ଆୟ ତୁଳନାରେ ବ୍ୟୟ ଅଧିକ ହେବ। ଯାନବାହନ ଚଳାଇବାରେ ସାବଧାନ ରୁହନ୍ତୁ। ବନ୍ଧୁଙ୍କ ସହଯୋଗରେ ଗୁରୁତ୍ୱପୂର୍ଣ୍ଣ କାମ ସରିବ। ପ୍ରେମ ସମ୍ପର୍କରେ ମଧୁରତା ଆସିବ। ସନ୍ଧ୍ୟା ପରେ ପରିସ୍ଥିତି ସୁଧୁରିବ। ଧାର୍ମିକ କାର୍ଯ୍ୟରେ ମନ ଲାଗିବ।
♒
କୁମ୍ଭ
ଗୁରୁଜନଙ୍କ ସ୍ୱାସ୍ଥ୍ୟକୁ ନେଇ ଚିନ୍ତିତ ରହିବେ। ଅଫିସ କାର୍ଯ୍ୟରେ ପ୍ରଶଂସା ମିଳିବ। ଧାର୍ମିକ ଯାତ୍ରାର ଯୋଗ ରହିଛି। ଆର୍ଥିକ ସ୍ଥିତି ମଜଭୁତ ହେବ। ନୂତନ ବସ୍ତ୍ର ଓ ଅଳଙ୍କାର କ୍ରୟ ହୋଇପାରେ। ବିରୋଧୀମାନେ ନିରାଶ ହେବେ। ସାମାଜିକ କାର୍ଯ୍ୟରେ ସୁନାମ ଅର୍ଜନ କରିବେ। ରାତ୍ରିରେ ପରିବାର ସହ ଆନନ୍ଦରେ ସମୟ କଟିବ।
♓
ମୀନ
ଆଜି ଜ୍ୟେଷ୍ଠ ଶୁକ୍ଳ ପୂର୍ଣ୍ଣିମା। ସୂର୍ଯ୍ୟୋଦୟ: ସକାଳ ୫ଟା ୧୬ ମିନିଟ୍, ସୂର୍ଯ୍ୟାସ୍ତ: ସନ୍ଧ୍ୟା ୬ଟା ୨୧ ମିନିଟ୍। ଶୁଭ ମୁହୂର୍ତ୍ତ: ସକାଳ ୯ଟା ୧୨ରୁ ୧୦ଟା ୪୮।
